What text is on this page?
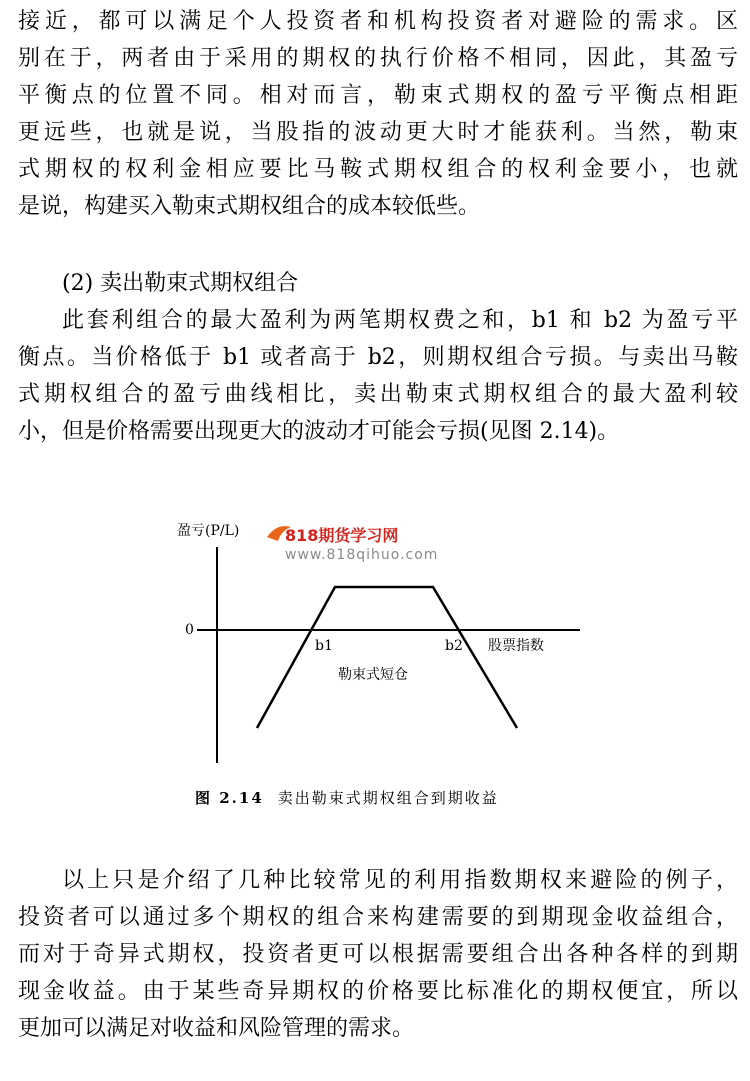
接近，都可以满足个人投资者和机构投资者对避险的需求。区
别在于，两者由于采用的期权的执行价格不相同，因此，其盈亏
平衡点的位置不同。相对而言，勒束式期权的盈亏平衡点相距
更远些，也就是说，当股指的波动更大时才能获利。当然，勒束
式期权的权利金相应要比马鞍式期权组合的权利金要小，也就
是说，构建买入勒束式期权组合的成本较低些。
(2) 卖出勒束式期权组合
此套利组合的最大盈利为两笔期权费之和，b1 和 b2 为盈亏平
衡点。当价格低于 b1 或者高于 b2，则期权组合亏损。与卖出马鞍
式期权组合的盈亏曲线相比，卖出勒束式期权组合的最大盈利较
小，但是价格需要出现更大的波动才可能会亏损(见图 2.14)。
818期货学习网
www.818qihuo.com
盈亏(P/L)
0
b1	b2 股票指数
勒束式短仓
图 2.14 卖出勒束式期权组合到期收益
以上只是介绍了几种比较常见的利用指数期权来避险的例子，
投资者可以通过多个期权的组合来构建需要的到期现金收益组合，
而对于奇异式期权，投资者更可以根据需要组合出各种各样的到期
现金收益。由于某些奇异期权的价格要比标准化的期权便宜，所以
更加可以满足对收益和风险管理的需求。
